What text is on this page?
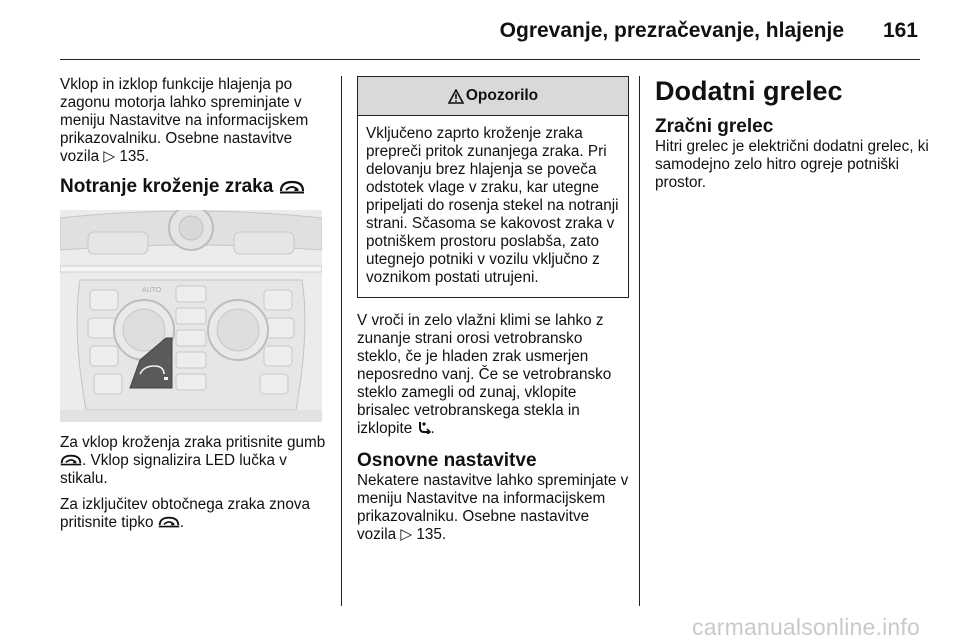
Ogrevanje, prezračevanje, hlajenje 161

Vklop in izklop funkcije hlajenja po zagonu motorja lahko spreminjate v meniju Nastavitve na informacijskem prikazovalniku. Osebne nastavitve vozila ▷ 135.

Notranje kroženje zraka
AUTO

Za vklop kroženja zraka pritisnite gumb . Vklop signalizira LED lučka v stikalu.

Za izključitev obtočnega zraka znova pritisnite tipko .

Opozorilo
Vključeno zaprto kroženje zraka prepreči pritok zunanjega zraka. Pri delovanju brez hlajenja se poveča odstotek vlage v zraku, kar utegne pripeljati do rosenja stekel na notranji strani. Sčasoma se kakovost zraka v potniškem prostoru poslabša, zato utegnejo potniki v vozilu vključno z voznikom postati utrujeni.

V vroči in zelo vlažni klimi se lahko z zunanje strani orosi vetrobransko steklo, če je hladen zrak usmerjen neposredno vanj. Če se vetrobransko steklo zamegli od zunaj, vklopite brisalec vetrobranskega stekla in izklopite .

Osnovne nastavitve

Nekatere nastavitve lahko spreminjate v meniju Nastavitve na informacijskem prikazovalniku. Osebne nastavitve vozila ▷ 135.

Dodatni grelec
Zračni grelec

Hitri grelec je električni dodatni grelec, ki samodejno zelo hitro ogreje potniški prostor.

carmanualsonline.info
